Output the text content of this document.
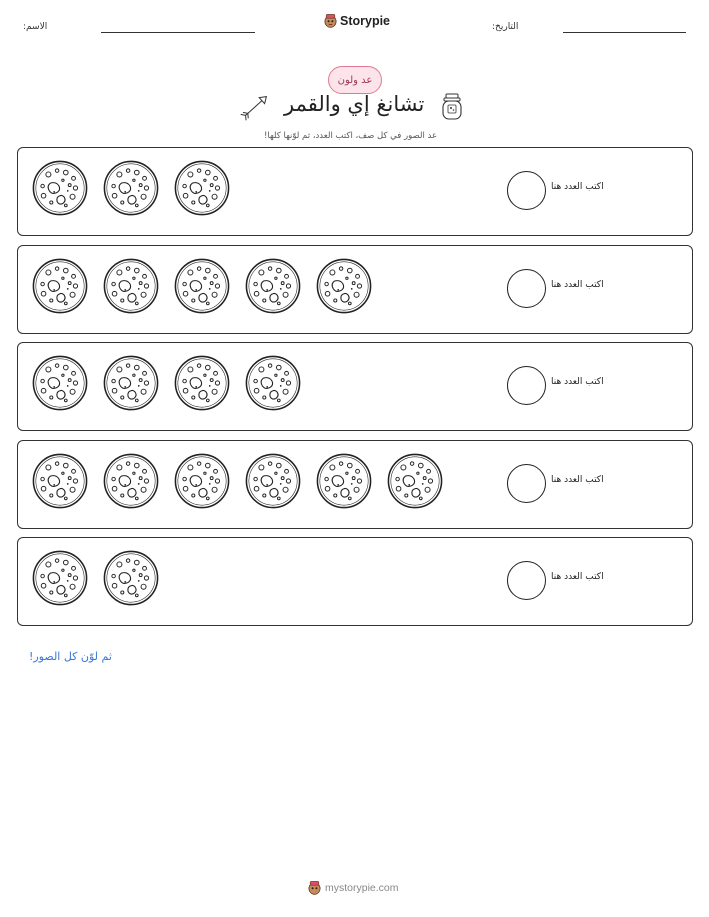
الاسم:	Storypie	التاريخ:
عد ولون
تشانغ إي والقمر
عد الصور في كل صف، اكتب العدد، ثم لوّنها كلها!
اكتب العدد هنا
اكتب العدد هنا
اكتب العدد هنا
اكتب العدد هنا
اكتب العدد هنا
ثم لوّن كل الصور!
mystorypie.com
